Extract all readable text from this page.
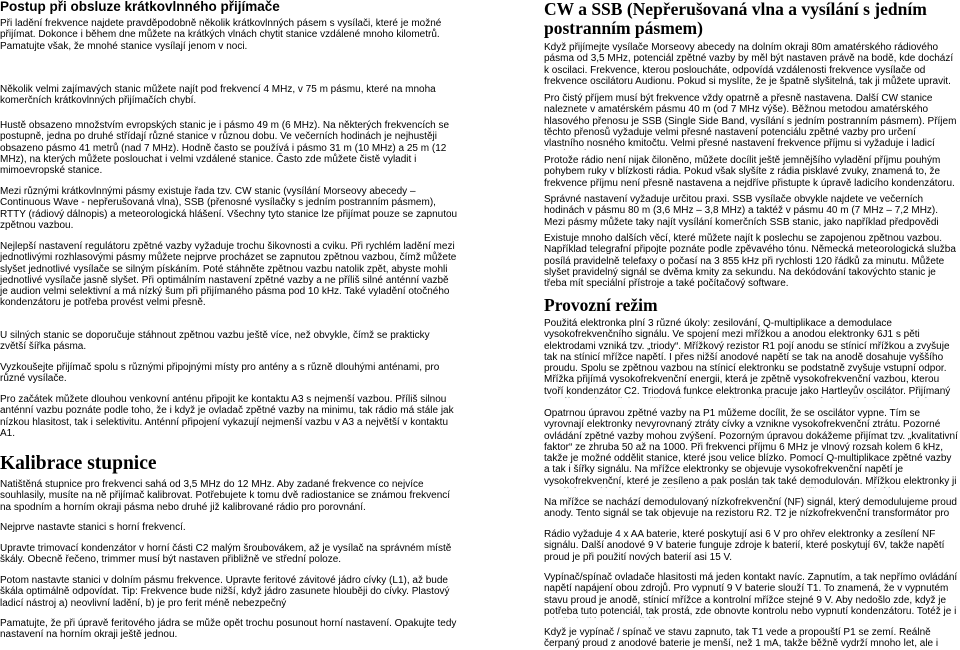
Postup při obsluze krátkovlnného přijímače

Při ladění frekvence najdete pravděpodobně několik krátkovlnných pásem s vysílači, které je možné přijímat. Dokonce i během dne můžete na krátkých vlnách chytit stanice vzdálené mnoho kilometrů. Pamatujte však, že mnohé stanice vysílají jenom v noci.

Několik velmi zajímavých stanic můžete najít pod frekvencí 4 MHz, v 75 m pásmu, které na mnoha komerčních krátkovlnných přijímačích chybí.

Hustě obsazeno množstvím evropských stanic je i pásmo 49 m (6 MHz). Na některých frekvencích se postupně, jedna po druhé střídají různé stanice v různou dobu. Ve večerních hodinách je nejhustěji obsazeno pásmo 41 metrů (nad 7 MHz). Hodně často se používá i pásmo 31 m (10 MHz) a 25 m (12 MHz), na kterých můžete poslouchat i velmi vzdálené stanice. Často zde můžete čistě vyladit i mimoevropské stanice.

Mezi různými krátkovlnnými pásmy existuje řada tzv. CW stanic (vysílání Morseovy abecedy – Continuous Wave - nepřerušovaná vlna), SSB (přenosné vysílačky s jedním postranním pásmem), RTTY (rádiový dálnopis) a meteorologická hlášení. Všechny tyto stanice lze přijímat pouze se zapnutou zpětnou vazbou.

Nejlepší nastavení regulátoru zpětné vazby vyžaduje trochu šikovnosti a cviku. Při rychlém ladění mezi jednotlivými rozhlasovými pásmy můžete nejprve procházet se zapnutou zpětnou vazbou, čímž můžete slyšet jednotlivé vysílače se silným pískáním. Poté stáhněte zpětnou vazbu natolik zpět, abyste mohli jednotlivé vysílače jasně slyšet. Při optimálním nastavení zpětné vazby a ne příliš silné anténní vazbě je audion velmi selektivní a má nízký šum při přijímaného pásma pod 10 kHz. Také vyladění otočného kondenzátoru je potřeba provést velmi přesně.

U silných stanic se doporučuje stáhnout zpětnou vazbu ještě více, než obvykle, čímž se prakticky zvětší šířka pásma.

Vyzkoušejte přijímač spolu s různými připojnými místy pro antény a s různě dlouhými anténami, pro různé vysílače.

Pro začátek můžete dlouhou venkovní anténu připojit ke kontaktu A3 s nejmenší vazbou. Příliš silnou anténní vazbu poznáte podle toho, že i když je ovladač zpětné vazby na minimu, tak rádio má stále jak nízkou hlasitost, tak i selektivitu. Anténní připojení vykazují nejmenší vazbu v A3 a největší v kontaktu A1.

Kalibrace stupnice

Natištěná stupnice pro frekvenci sahá od 3,5 MHz do 12 MHz. Aby zadané frekvence co nejvíce souhlasily, musíte na ně přijímač kalibrovat. Potřebujete k tomu dvě radiostanice se známou frekvencí na spodním a horním okraji pásma nebo druhé již kalibrované rádio pro porovnání.

Nejprve nastavte stanici s horní frekvencí.

Upravte trimovací kondenzátor v horní části C2 malým šroubovákem, až je vysílač na správném místě škály. Obecně řečeno, trimmer musí být nastaven přibližně ve střední poloze.

Potom nastavte stanici v dolním pásmu frekvence. Upravte feritové závitové jádro cívky (L1), až bude škála optimálně odpovídat. Tip: Frekvence bude nižší, když jádro zasunete hlouběji do cívky. Plastový ladicí nástroj a) neovlivní ladění, b) je pro ferit méně nebezpečný

Pamatujte, že při úpravě feritového jádra se může opět trochu posunout horní nastavení. Opakujte tedy nastavení na horním okraji ještě jednou.

CW a SSB (Nepřerušovaná vlna a vysílání s jedním postranním pásmem)

Když přijímejte vysílače Morseovy abecedy na dolním okraji 80m amatérského rádiového pásma od 3,5 MHz, potenciál zpětné vazby by měl být nastaven právě na bodě, kde dochází k oscilaci. Frekvence, kterou posloucháte, odpovídá vzdálenosti frekvence vysílače od frekvence oscilátoru Audionu. Pokud si myslíte, že je špatně slyšitelná, tak ji můžete upravit.

Pro čistý příjem musí být frekvence vždy opatrně a přesně nastavena. Další CW stanice naleznete v amatérském pásmu 40 m (od 7 MHz výše). Běžnou metodou amatérského hlasového přenosu je SSB (Single Side Band, vysílání s jedním postranním pásmem). Příjem těchto přenosů vyžaduje velmi přesné nastavení potenciálu zpětné vazby pro určení vlastního nosného kmitočtu. Velmi přesné nastavení frekvence příjmu si vyžaduje i ladicí

Protože rádio není nijak čiloněno, můžete docílit ještě jemnějšího vyladění příjmu pouhým pohybem ruky v blízkosti rádia. Pokud však slyšíte z rádia pisklavé zvuky, znamená to, že frekvence příjmu není přesně nastavena a nejdříve přistupte k úpravě ladicího kondenzátoru.

Správné nastavení vyžaduje určitou praxi. SSB vysílače obvykle najdete ve večerních hodinách v pásmu 80 m (3,6 MHz – 3,8 MHz) a taktéž v pásmu 40 m (7 MHz – 7,2 MHz). Mezi pásmy můžete taky najít vysílání komerčních SSB stanic, jako například předpovědi

Existuje mnoho dalších věcí, které můžete najít k poslechu se zapojenou zpětnou vazbou. Například telegrafní připojte poznáte podle zpěvavého tónu. Německá meteorologická služba posílá pravidelně telefaxy o počasí na 3 855 kHz při rychlosti 120 řádků za minutu. Můžete slyšet pravidelný signál se dvěma kmity za sekundu. Na dekódování takovýchto stanic je třeba mít speciální přístroje a také počítačový software.

Provozní režim

Použitá elektronka plní 3 různé úkoly: zesilování, Q-multiplikace a demodulace vysokofrekvenčního signálu. Ve spojení mezi mřížkou a anodou elektronky 6J1 s pěti elektrodami vzniká tzv. „triody“. Mřížkový rezistor R1 pojí anodu se stínicí mřížkou a zvyšuje tak na stínicí mřížce napětí. I přes nižší anodové napětí se tak na anodě dosahuje vyššího proudu. Spolu se zpětnou vazbou na stínicí elektronku se podstatně zvyšuje vstupní odpor. Mřížka přijímá vysokofrekvenční energii, která je zpětně vysokofrekvenční vazbou, kterou tvoří kondenzátor C2. Triodová funkce elektronka pracuje jako Hartleyův oscilátor. Přijímaný

Opatrnou úpravou zpětné vazby na P1 můžeme docílit, že se oscilátor vypne. Tím se vyrovnají elektronky nevyrovnaný ztráty cívky a vznikne vysokofrekvenční ztrátu. Pozorné ovládání zpětné vazby mohou zvýšení. Pozorným úpravou dokážeme přijímat tzv. „kvalitativní faktor“ ze zhruba 50 až na 1000. Při frekvenci příjmu 6 MHz je vlnový rozsah kolem 6 kHz, takže je možné oddělit stanice, které jsou velice blízko. Pomocí Q-multiplikace zpětné vazby a tak i šířky signálu. Na mřížce elektronky se objevuje vysokofrekvenční napětí je vysokofrekvenční, které je zesíleno a pak poslán tak také demodulován. Mřížkou elektronky ji

Na mřížce se nachází demodulovaný nízkofrekvenční (NF) signál, který demodulujeme proud anody. Tento signál se tak objevuje na rezistoru R2. T2 je nízkofrekvenční transformátor pro

Rádio vyžaduje 4 x AA baterie, které poskytují asi 6 V pro ohřev elektronky a zesílení NF signálu. Další anodové 9 V baterie funguje zdroje k baterií, které poskytují 6V, takže napětí proud je při použití nových baterií asi 15 V.

Vypínač/spínač ovladače hlasitosti má jeden kontakt navíc. Zapnutím, a tak nepřímo ovládání napětí napájení obou zdrojů. Pro vypnutí 9 V baterie slouží T1. To znamená, že v vypnutém stavu proud je anodě, stínicí mřížce a kontrolní mřížce stejné 9 V. Aby nedošlo zde, když je potřeba tuto potenciál, tak prostá, zde obnovte kontrolu nebo vypnutí kondenzátoru. Totéž je i

Když je vypínač / spínač ve stavu zapnuto, tak T1 vede a propouští P1 se zemí. Reálně čerpaný proud z anodové baterie je menší, než 1 mA, takže běžně vydrží mnoho let, ale i
